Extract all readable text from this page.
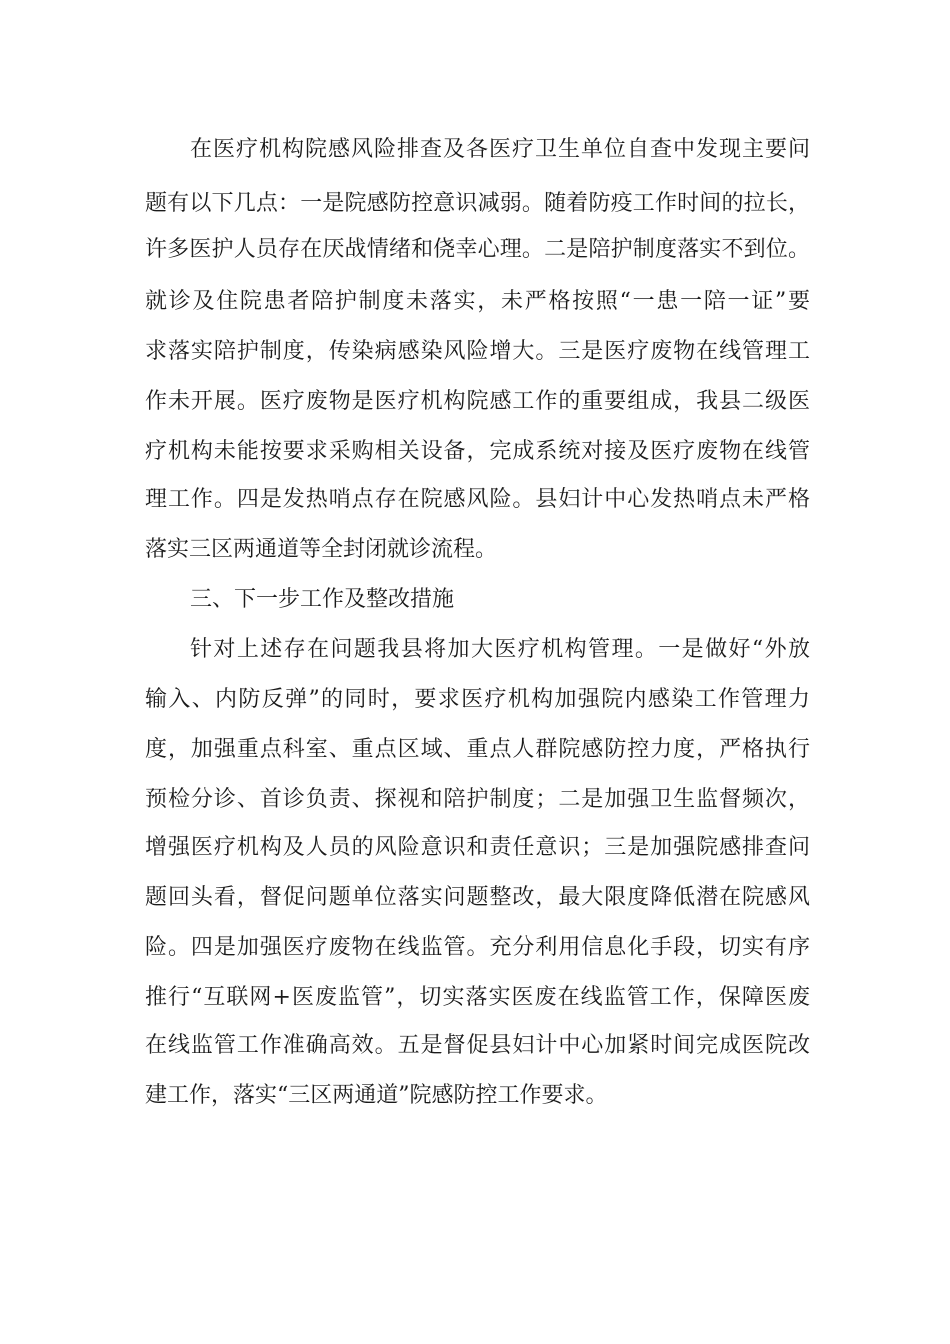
在医疗机构院感风险排查及各医疗卫生单位自查中发现主要问
题有以下几点：一是院感防控意识减弱。随着防疫工作时间的拉长，
许多医护人员存在厌战情绪和侥幸心理。二是陪护制度落实不到位。
就诊及住院患者陪护制度未落实，未严格按照“一患一陪一证”要
求落实陪护制度，传染病感染风险增大。三是医疗废物在线管理工
作未开展。医疗废物是医疗机构院感工作的重要组成，我县二级医
疗机构未能按要求采购相关设备，完成系统对接及医疗废物在线管
理工作。四是发热哨点存在院感风险。县妇计中心发热哨点未严格
落实三区两通道等全封闭就诊流程。
三、下一步工作及整改措施
针对上述存在问题我县将加大医疗机构管理。一是做好“外放
输入、内防反弹”的同时，要求医疗机构加强院内感染工作管理力
度，加强重点科室、重点区域、重点人群院感防控力度，严格执行
预检分诊、首诊负责、探视和陪护制度；二是加强卫生监督频次，
增强医疗机构及人员的风险意识和责任意识；三是加强院感排查问
题回头看，督促问题单位落实问题整改，最大限度降低潜在院感风
险。四是加强医疗废物在线监管。充分利用信息化手段，切实有序
推行“互联网+医废监管”，切实落实医废在线监管工作，保障医废
在线监管工作准确高效。五是督促县妇计中心加紧时间完成医院改
建工作，落实“三区两通道”院感防控工作要求。
